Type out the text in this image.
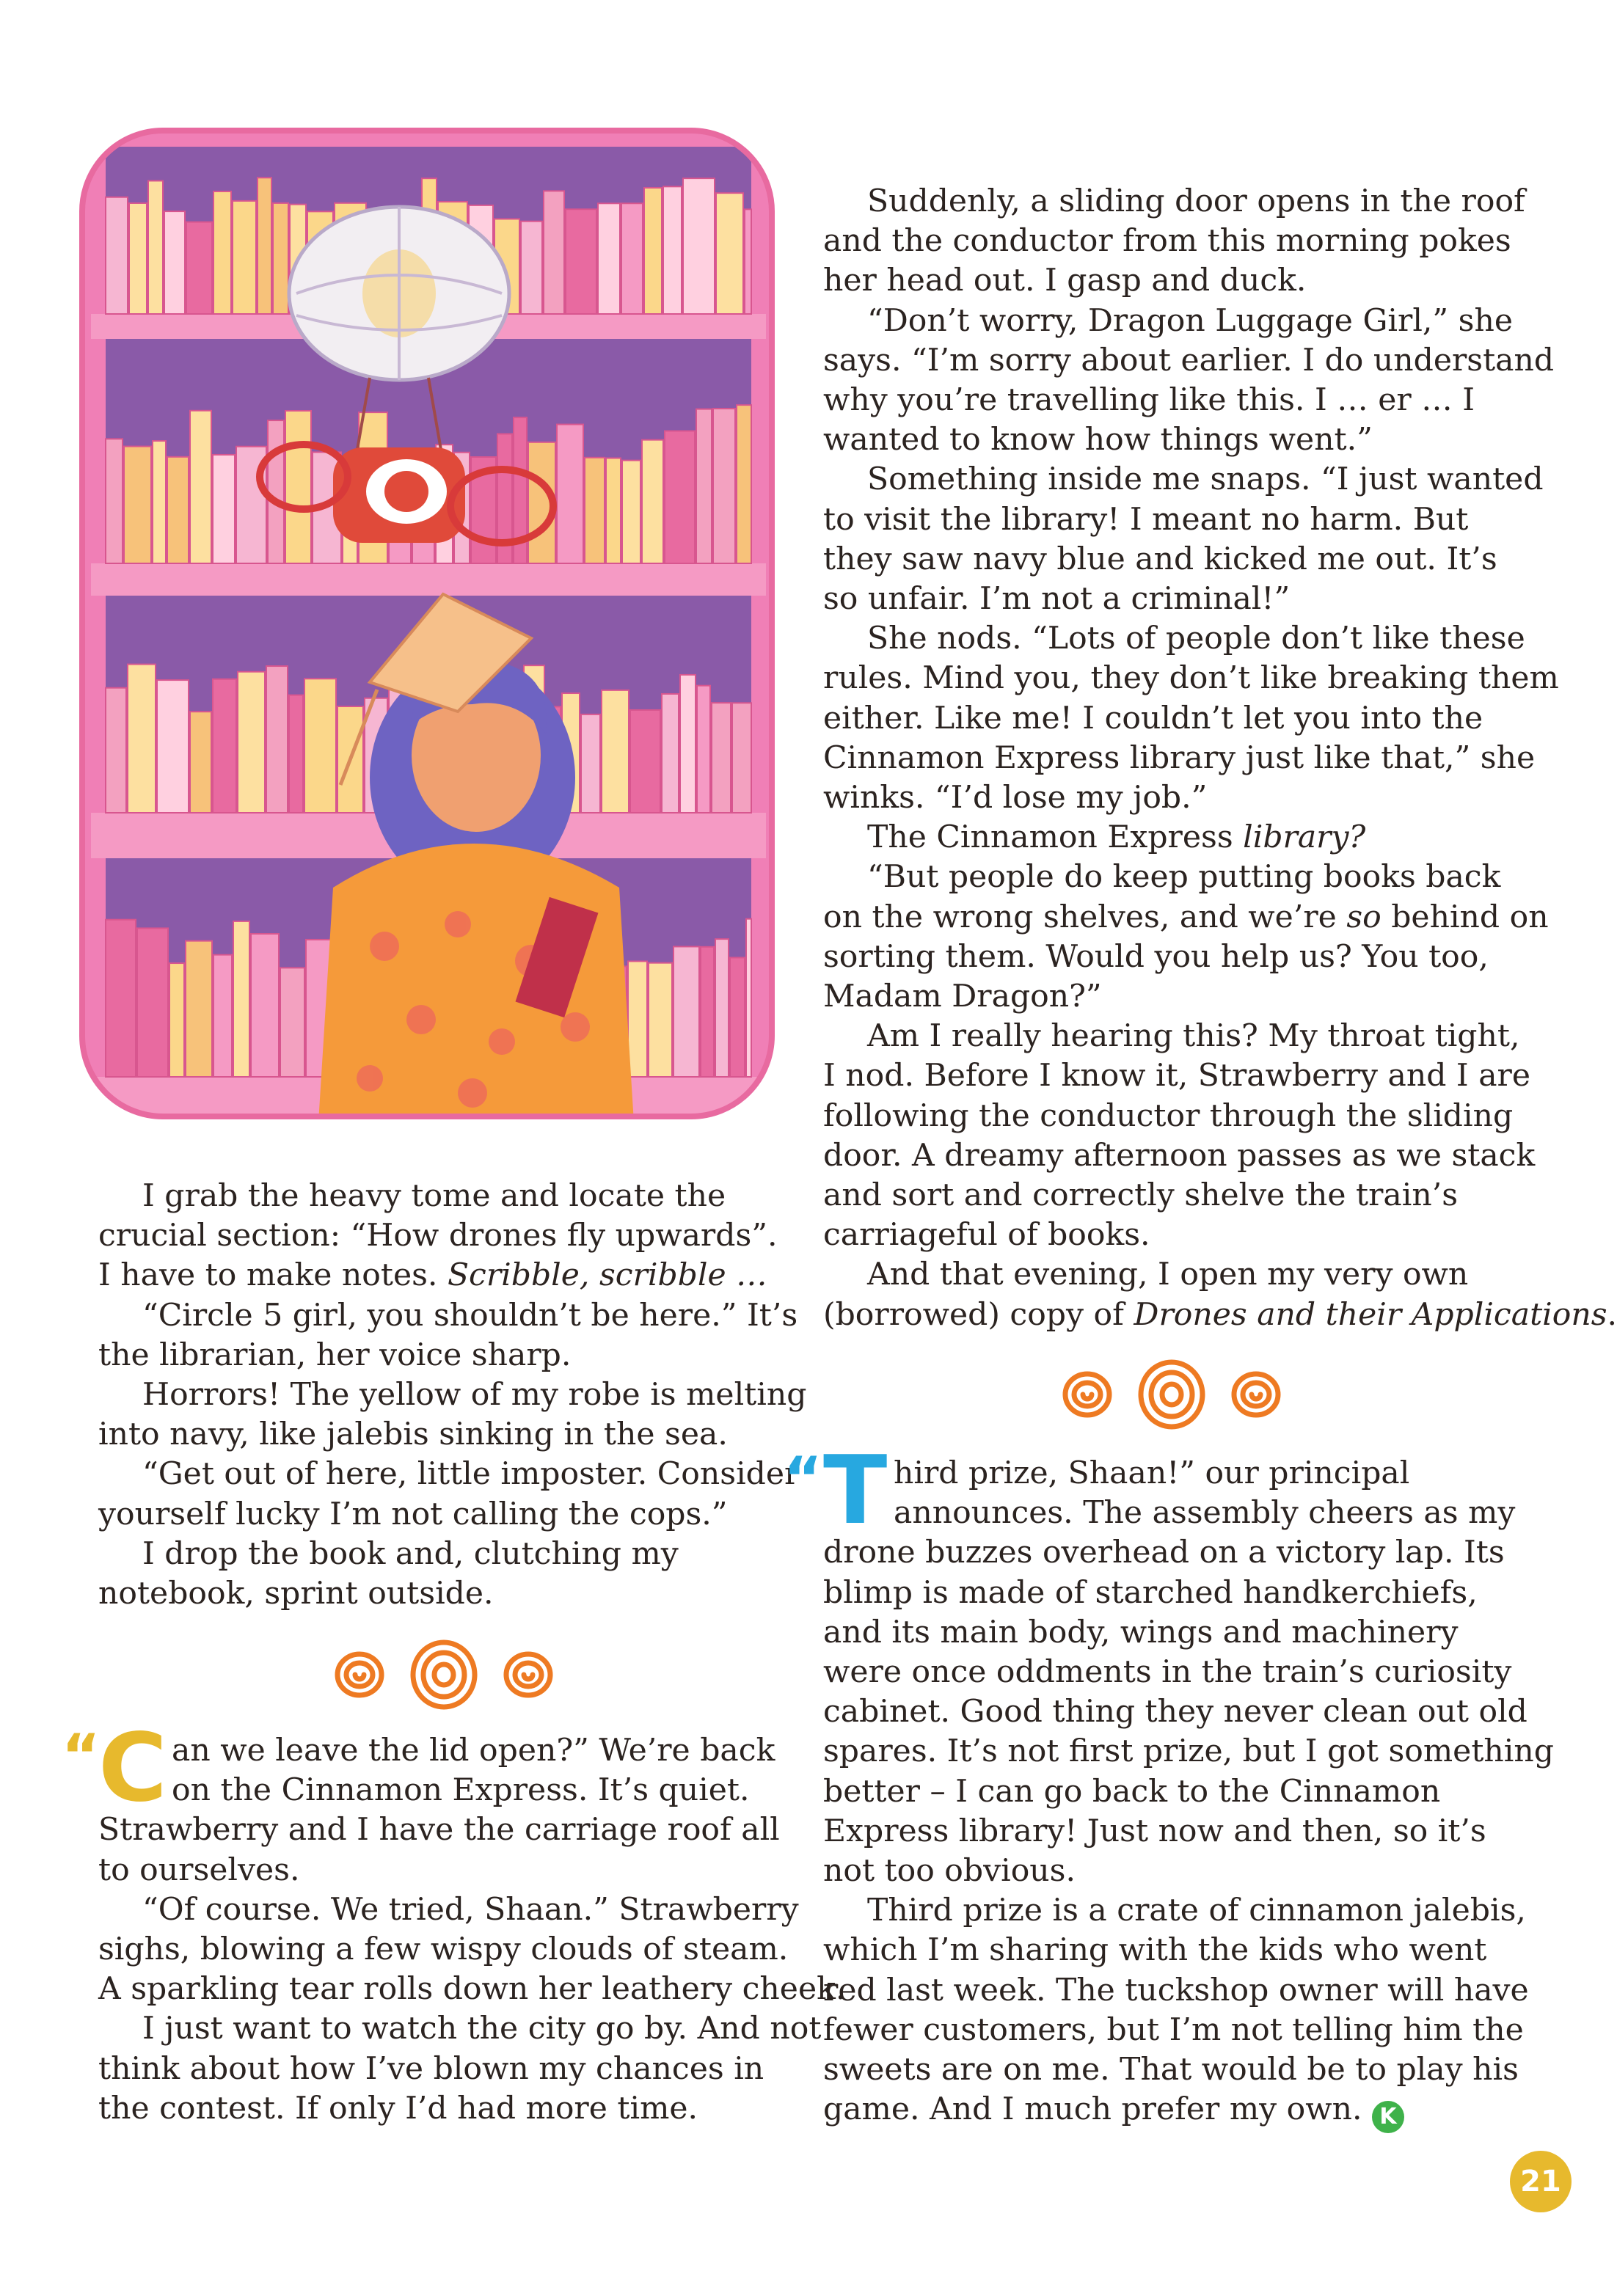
I grab the heavy tome and locate the

crucial section: “How drones fly upwards”.

I have to make notes. Scribble, scribble …

“Circle 5 girl, you shouldn’t be here.” It’s

the librarian, her voice sharp.

Horrors! The yellow of my robe is melting

into navy, like jalebis sinking in the sea.

“Get out of here, little imposter. Consider

yourself lucky I’m not calling the cops.”

I drop the book and, clutching my

notebook, sprint outside.

“
C an we leave the lid open?” We’re back

on the Cinnamon Express. It’s quiet.

Strawberry and I have the carriage roof all

to ourselves.

“Of course. We tried, Shaan.” Strawberry

sighs, blowing a few wispy clouds of steam.

A sparkling tear rolls down her leathery cheek.

I just want to watch the city go by. And not

think about how I’ve blown my chances in

the contest. If only I’d had more time.

Suddenly, a sliding door opens in the roof

and the conductor from this morning pokes

her head out. I gasp and duck.

“Don’t worry, Dragon Luggage Girl,” she

says. “I’m sorry about earlier. I do understand

why you’re travelling like this. I … er … I

wanted to know how things went.”

Something inside me snaps. “I just wanted

to visit the library! I meant no harm. But

they saw navy blue and kicked me out. It’s

so unfair. I’m not a criminal!”

She nods. “Lots of people don’t like these

rules. Mind you, they don’t like breaking them

either. Like me! I couldn’t let you into the

Cinnamon Express library just like that,” she

winks. “I’d lose my job.”

The Cinnamon Express library?

“But people do keep putting books back

on the wrong shelves, and we’re so behind on

sorting them. Would you help us? You too,

Madam Dragon?”

Am I really hearing this? My throat tight,

I nod. Before I know it, Strawberry and I are

following the conductor through the sliding

door. A dreamy afternoon passes as we stack

and sort and correctly shelve the train’s

carriageful of books.

And that evening, I open my very own

(borrowed) copy of Drones and their Applications.

“ T hird prize, Shaan!” our principal

announces. The assembly cheers as my

drone buzzes overhead on a victory lap. Its

blimp is made of starched handkerchiefs,

and its main body, wings and machinery

were once oddments in the train’s curiosity

cabinet. Good thing they never clean out old

spares. It’s not first prize, but I got something

better – I can go back to the Cinnamon

Express library! Just now and then, so it’s

not too obvious.

Third prize is a crate of cinnamon jalebis,

which I’m sharing with the kids who went

red last week. The tuckshop owner will have

fewer customers, but I’m not telling him the

sweets are on me. That would be to play his

game. And I much prefer my own. K

21
